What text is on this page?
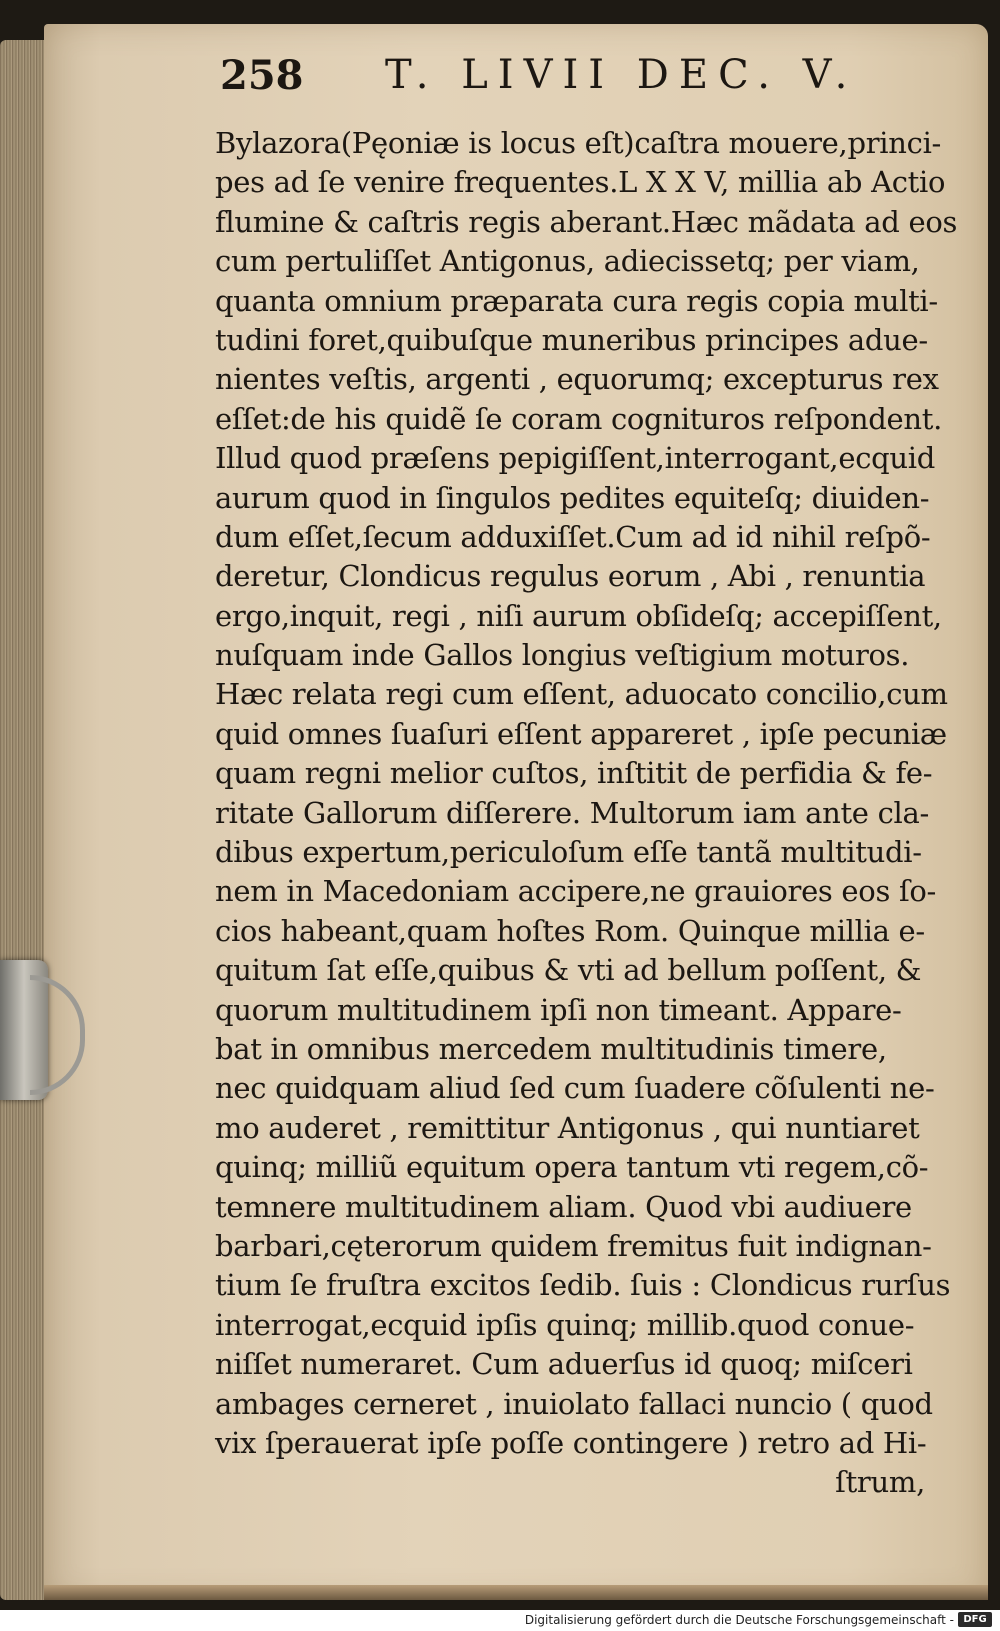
258 T. LIVII DEC. V.
Bylazora(Pęoniæ is locus eſt)caſtra mouere,princi-
pes ad ſe venire frequentes.L X X V, millia ab Actio
flumine & caſtris regis aberant.Hæc mãdata ad eos
cum pertuliſſet Antigonus, adiecissetq; per viam,
quanta omnium præparata cura regis copia multi-
tudini foret,quibuſque muneribus principes adue-
nientes veſtis, argenti , equorumq; excepturus rex
eſſet:de his quidẽ ſe coram cognituros reſpondent.
Illud quod præſens pepigiſſent,interrogant,ecquid
aurum quod in ſingulos pedites equiteſq; diuiden-
dum eſſet,ſecum adduxiſſet.Cum ad id nihil reſpõ-
deretur, Clondicus regulus eorum , Abi , renuntia
ergo,inquit, regi , niſi aurum obſideſq; accepiſſent,
nuſquam inde Gallos longius veſtigium moturos.
Hæc relata regi cum eſſent, aduocato concilio,cum
quid omnes ſuaſuri eſſent appareret , ipſe pecuniæ
quam regni melior cuſtos, inſtitit de perfidia & fe-
ritate Gallorum diſſerere. Multorum iam ante cla-
dibus expertum,periculoſum eſſe tantã multitudi-
nem in Macedoniam accipere,ne grauiores eos ſo-
cios habeant,quam hoſtes Rom. Quinque millia e-
quitum ſat eſſe,quibus & vti ad bellum poſſent, &
quorum multitudinem ipſi non timeant. Appare-
bat in omnibus mercedem multitudinis timere,
nec quidquam aliud ſed cum ſuadere cõſulenti ne-
mo auderet , remittitur Antigonus , qui nuntiaret
quinq; milliũ equitum opera tantum vti regem,cõ-
temnere multitudinem aliam. Quod vbi audiuere
barbari,cęterorum quidem fremitus fuit indignan-
tium ſe fruſtra excitos ſedib. ſuis : Clondicus rurſus
interrogat,ecquid ipſis quinq; millib.quod conue-
niſſet numeraret. Cum aduerſus id quoq; miſceri
ambages cerneret , inuiolato fallaci nuncio ( quod
vix ſperauerat ipſe poſſe contingere ) retro ad Hi-
ſtrum,
Digitalisierung gefördert durch die Deutsche Forschungsgemeinschaft - DFG
